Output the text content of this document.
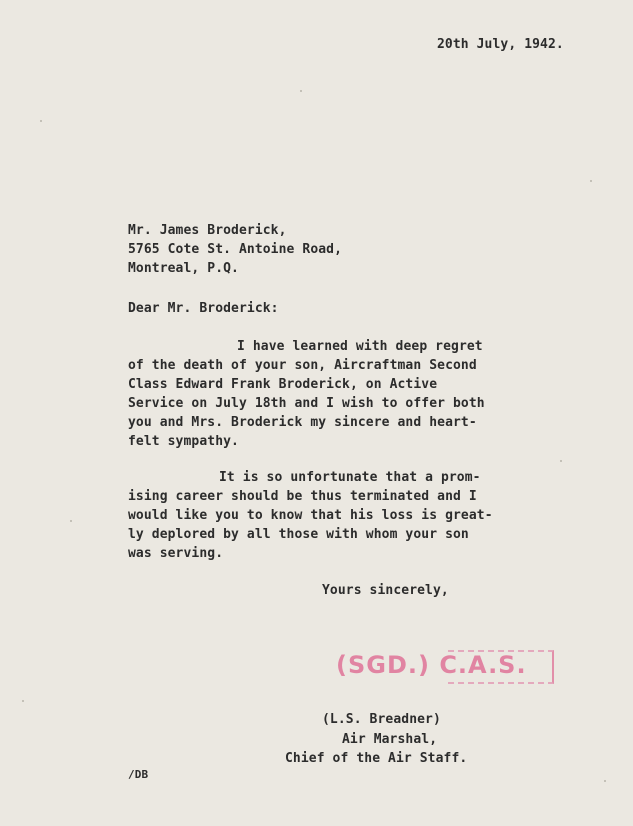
20th July, 1942.
Mr. James Broderick,
5765 Cote St. Antoine Road,
Montreal, P.Q.
Dear Mr. Broderick:
I have learned with deep regret
of the death of your son, Aircraftman Second
Class Edward Frank Broderick, on Active
Service on July 18th and I wish to offer both
you and Mrs. Broderick my sincere and heart-
felt sympathy.
It is so unfortunate that a prom-
ising career should be thus terminated and I
would like you to know that his loss is great-
ly deplored by all those with whom your son
was serving.
Yours sincerely,
(SGD.) C.A.S.
(L.S. Breadner)
Air Marshal,
Chief of the Air Staff.
/DB
